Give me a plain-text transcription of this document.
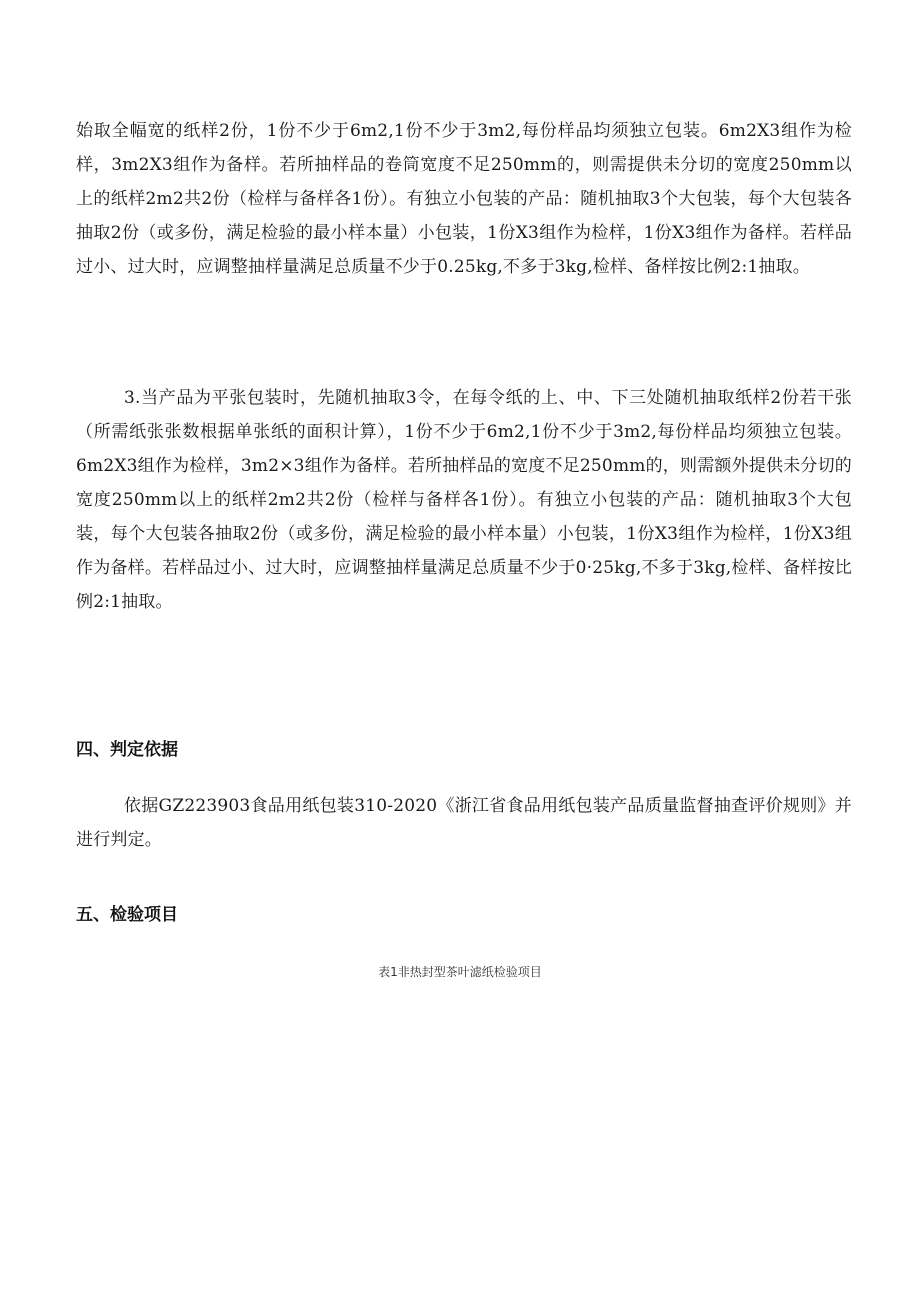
始取全幅宽的纸样2份，1份不少于6m2,1份不少于3m2,每份样品均须独立包装。6m2X3组作为检样，3m2X3组作为备样。若所抽样品的卷筒宽度不足250mm的，则需提供未分切的宽度250mm以上的纸样2m2共2份（检样与备样各1份）。有独立小包装的产品：随机抽取3个大包装，每个大包装各抽取2份（或多份，满足检验的最小样本量）小包装，1份X3组作为检样，1份X3组作为备样。若样品过小、过大时，应调整抽样量满足总质量不少于0.25kg,不多于3kg,检样、备样按比例2:1抽取。

3.当产品为平张包装时，先随机抽取3令，在每令纸的上、中、下三处随机抽取纸样2份若干张（所需纸张张数根据单张纸的面积计算），1份不少于6m2,1份不少于3m2,每份样品均须独立包装。6m2X3组作为检样，3m2×3组作为备样。若所抽样品的宽度不足250mm的，则需额外提供未分切的宽度250mm以上的纸样2m2共2份（检样与备样各1份）。有独立小包装的产品：随机抽取3个大包装，每个大包装各抽取2份（或多份，满足检验的最小样本量）小包装，1份X3组作为检样，1份X3组作为备样。若样品过小、过大时，应调整抽样量满足总质量不少于0·25kg,不多于3kg,检样、备样按比例2:1抽取。

四、判定依据

依据GZ223903食品用纸包装310-2020《浙江省食品用纸包装产品质量监督抽查评价规则》并进行判定。

五、检验项目
表1非热封型茶叶滤纸检验项目
